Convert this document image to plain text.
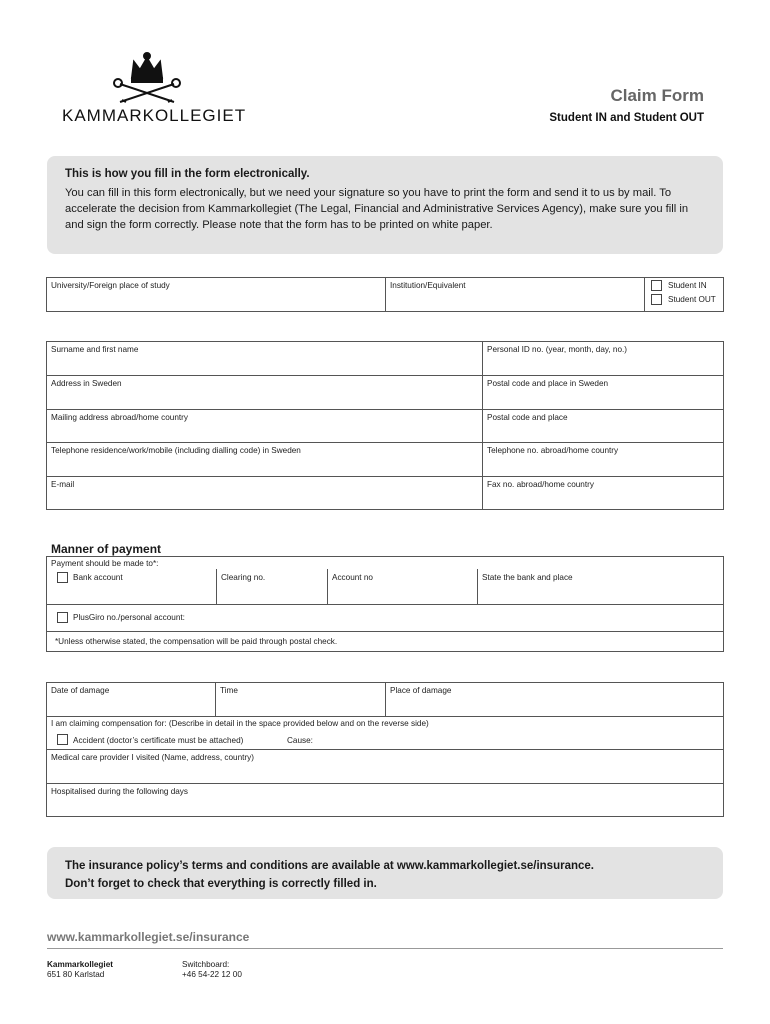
KAMMARKOLLEGIET
Claim Form
Student IN and Student OUT
This is how you fill in the form electronically.

You can fill in this form electronically, but we need your signature so you have to print the form and send it to us by mail. To accelerate the decision from Kammarkollegiet (The Legal, Financial and Administrative Services Agency), make sure you fill in and sign the form correctly. Please note that the form has to be printed on white paper.

University/Foreign place of study	Institution/Equivalent	Student IN
Student OUT
Surname and first name	Personal ID no. (year, month, day, no.)
Address in Sweden	Postal code and place in Sweden
Mailing address abroad/home country	Postal code and place
Telephone residence/work/mobile (including dialling code) in Sweden	Telephone no. abroad/home country
E-mail	Fax no. abroad/home country
Manner of payment
Payment should be made to*:
Bank account	Clearing no.	Account no	State the bank and place
PlusGiro no./personal account:
*Unless otherwise stated, the compensation will be paid through postal check.
Date of damage	Time	Place of damage
I am claiming compensation for: (Describe in detail in the space provided below and on the reverse side)
Accident (doctor’s certificate must be attached)	Cause:
Medical care provider I visited (Name, address, country)
Hospitalised during the following days
The insurance policy’s terms and conditions are available at www.kammarkollegiet.se/insurance.
Don’t forget to check that everything is correctly filled in.
www.kammarkollegiet.se/insurance
Kammarkollegiet
651 80 Karlstad
Switchboard:
+46 54-22 12 00
